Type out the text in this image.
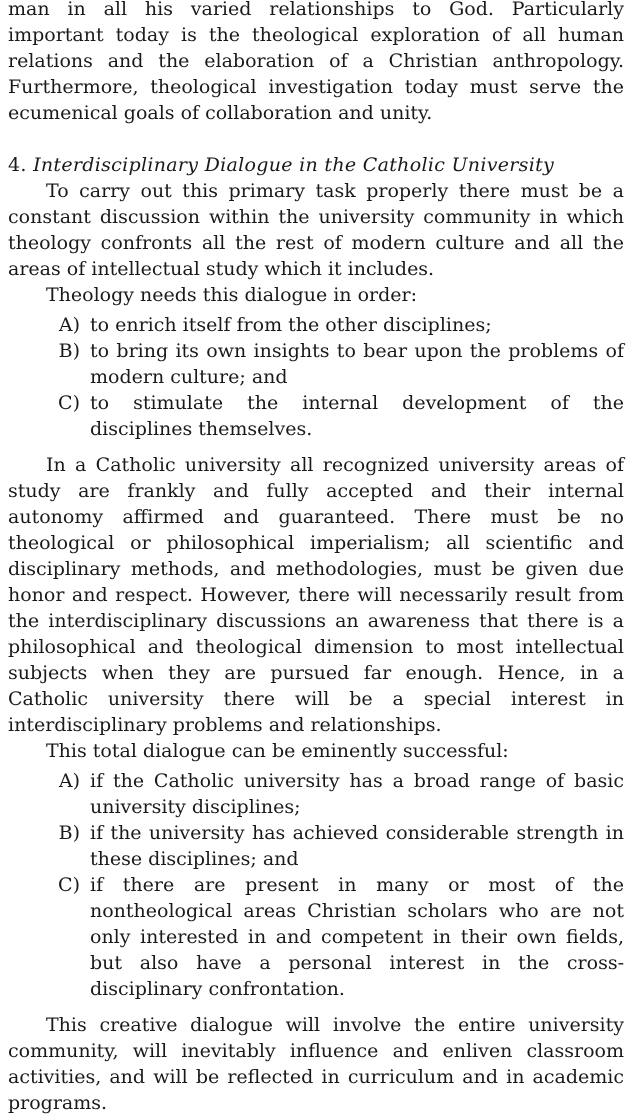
man in all his varied relationships to God. Particularly important today is the theological exploration of all human relations and the elaboration of a Christian anthropology. Furthermore, theological investigation today must serve the ecumenical goals of collaboration and unity.

4. Interdisciplinary Dialogue in the Catholic University

To carry out this primary task properly there must be a constant discussion within the university community in which theology confronts all the rest of modern culture and all the areas of intellectual study which it includes.

Theology needs this dialogue in order:

A) to enrich itself from the other disciplines;
B) to bring its own insights to bear upon the problems of modern culture; and
C) to stimulate the internal development of the disciplines themselves.

In a Catholic university all recognized university areas of study are frankly and fully accepted and their internal autonomy affirmed and guaranteed. There must be no theological or philosophical imperialism; all scientific and disciplinary methods, and methodologies, must be given due honor and respect. However, there will necessarily result from the interdisciplinary discussions an awareness that there is a philosophical and theological dimension to most intellectual subjects when they are pursued far enough. Hence, in a Catholic university there will be a special interest in interdisciplinary problems and relationships.

This total dialogue can be eminently successful:

A) if the Catholic university has a broad range of basic university disciplines;
B) if the university has achieved considerable strength in these disciplines; and
C) if there are present in many or most of the nontheological areas Christian scholars who are not only interested in and competent in their own fields, but also have a personal interest in the cross-disciplinary confrontation.

This creative dialogue will involve the entire university community, will inevitably influence and enliven classroom activities, and will be reflected in curriculum and in academic programs.
